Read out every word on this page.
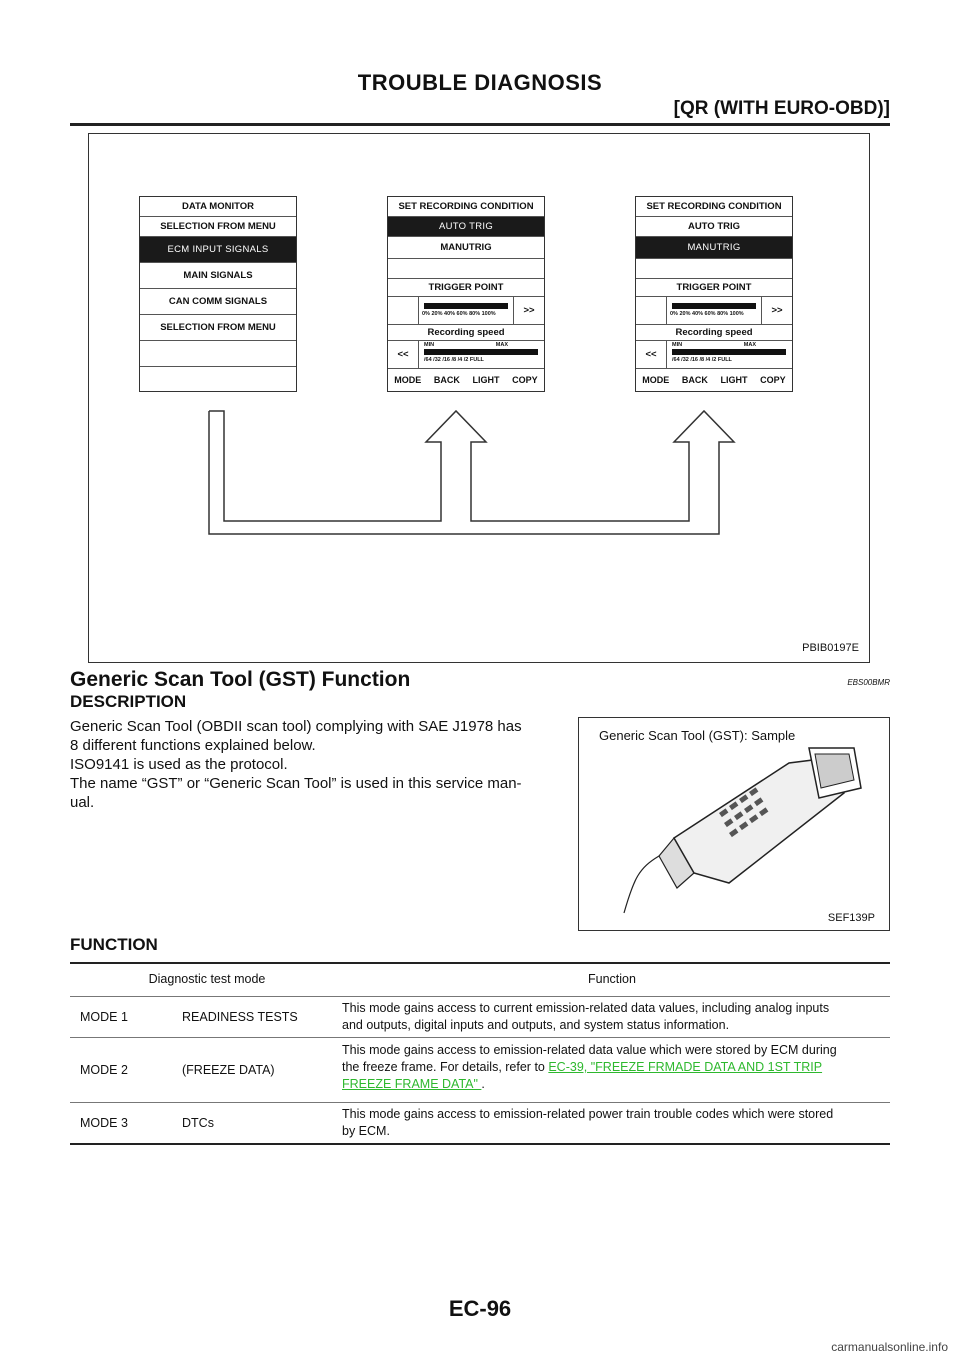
TROUBLE DIAGNOSIS
[QR (WITH EURO-OBD)]
DATA MONITOR
SELECTION FROM MENU
ECM INPUT SIGNALS
MAIN SIGNALS
CAN COMM SIGNALS
SELECTION FROM MENU
SET RECORDING CONDITION
AUTO TRIG
MANUTRIG
TRIGGER POINT
0% 20% 40% 60% 80% 100%	>>
Recording speed
<<
MIN	MAX
/64 /32 /16 /8 /4 /2 FULL
MODE BACK LIGHT COPY
SET RECORDING CONDITION
AUTO TRIG
MANUTRIG
TRIGGER POINT
0% 20% 40% 60% 80% 100%	>>
Recording speed
<<
MIN	MAX
/64 /32 /16 /8 /4 /2 FULL
MODE BACK LIGHT COPY
PBIB0197E
Generic Scan Tool (GST) Function	EBS00BMR
DESCRIPTION
Generic Scan Tool (OBDII scan tool) complying with SAE J1978 has
8 different functions explained below.
ISO9141 is used as the protocol.
The name “GST” or “Generic Scan Tool” is used in this service man-
ual.
Generic Scan Tool (GST): Sample
SEF139P
FUNCTION
Diagnostic test mode	Function
MODE 1	READINESS TESTS
This mode gains access to current emission-related data values, including analog inputs
and outputs, digital inputs and outputs, and system status information.
MODE 2	(FREEZE DATA)
This mode gains access to emission-related data value which were stored by ECM during
the freeze frame. For details, refer to EC-39, "FREEZE FRMADE DATA AND 1ST TRIP
FREEZE FRAME DATA" .
MODE 3	DTCs
This mode gains access to emission-related power train trouble codes which were stored
by ECM.
EC-96
carmanualsonline.info
